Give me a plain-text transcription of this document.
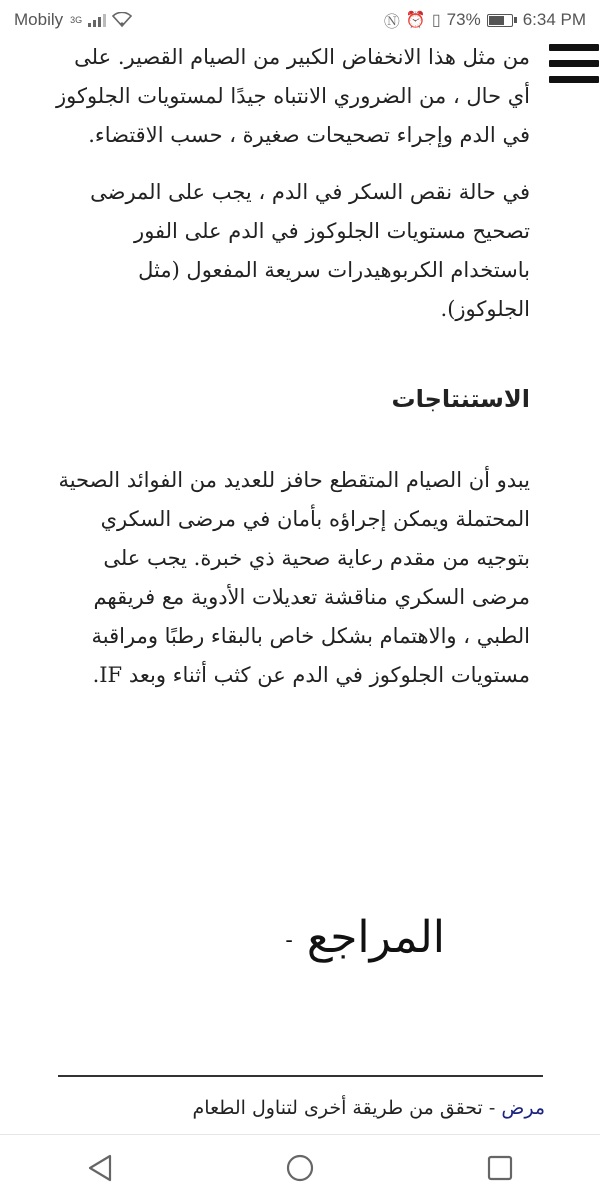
Mobily 3G	Ⓝ ⏰ ▯ 73% 6:34 PM

من مثل هذا الانخفاض الكبير من الصيام القصير. على أي حال ، من الضروري الانتباه جيدًا لمستويات الجلوكوز في الدم وإجراء تصحيحات صغيرة ، حسب الاقتضاء.

في حالة نقص السكر في الدم ، يجب على المرضى تصحيح مستويات الجلوكوز في الدم على الفور باستخدام الكربوهيدرات سريعة المفعول (مثل الجلوكوز).

الاستنتاجات

يبدو أن الصيام المتقطع حافز للعديد من الفوائد الصحية المحتملة ويمكن إجراؤه بأمان في مرضى السكري بتوجيه من مقدم رعاية صحية ذي خبرة. يجب على مرضى السكري مناقشة تعديلات الأدوية مع فريقهم الطبي ، والاهتمام بشكل خاص بالبقاء رطبًا ومراقبة مستويات الجلوكوز في الدم عن كثب أثناء وبعد IF.

المراجع-
مرض - تحقق من طريقة أخرى لتناول الطعام
